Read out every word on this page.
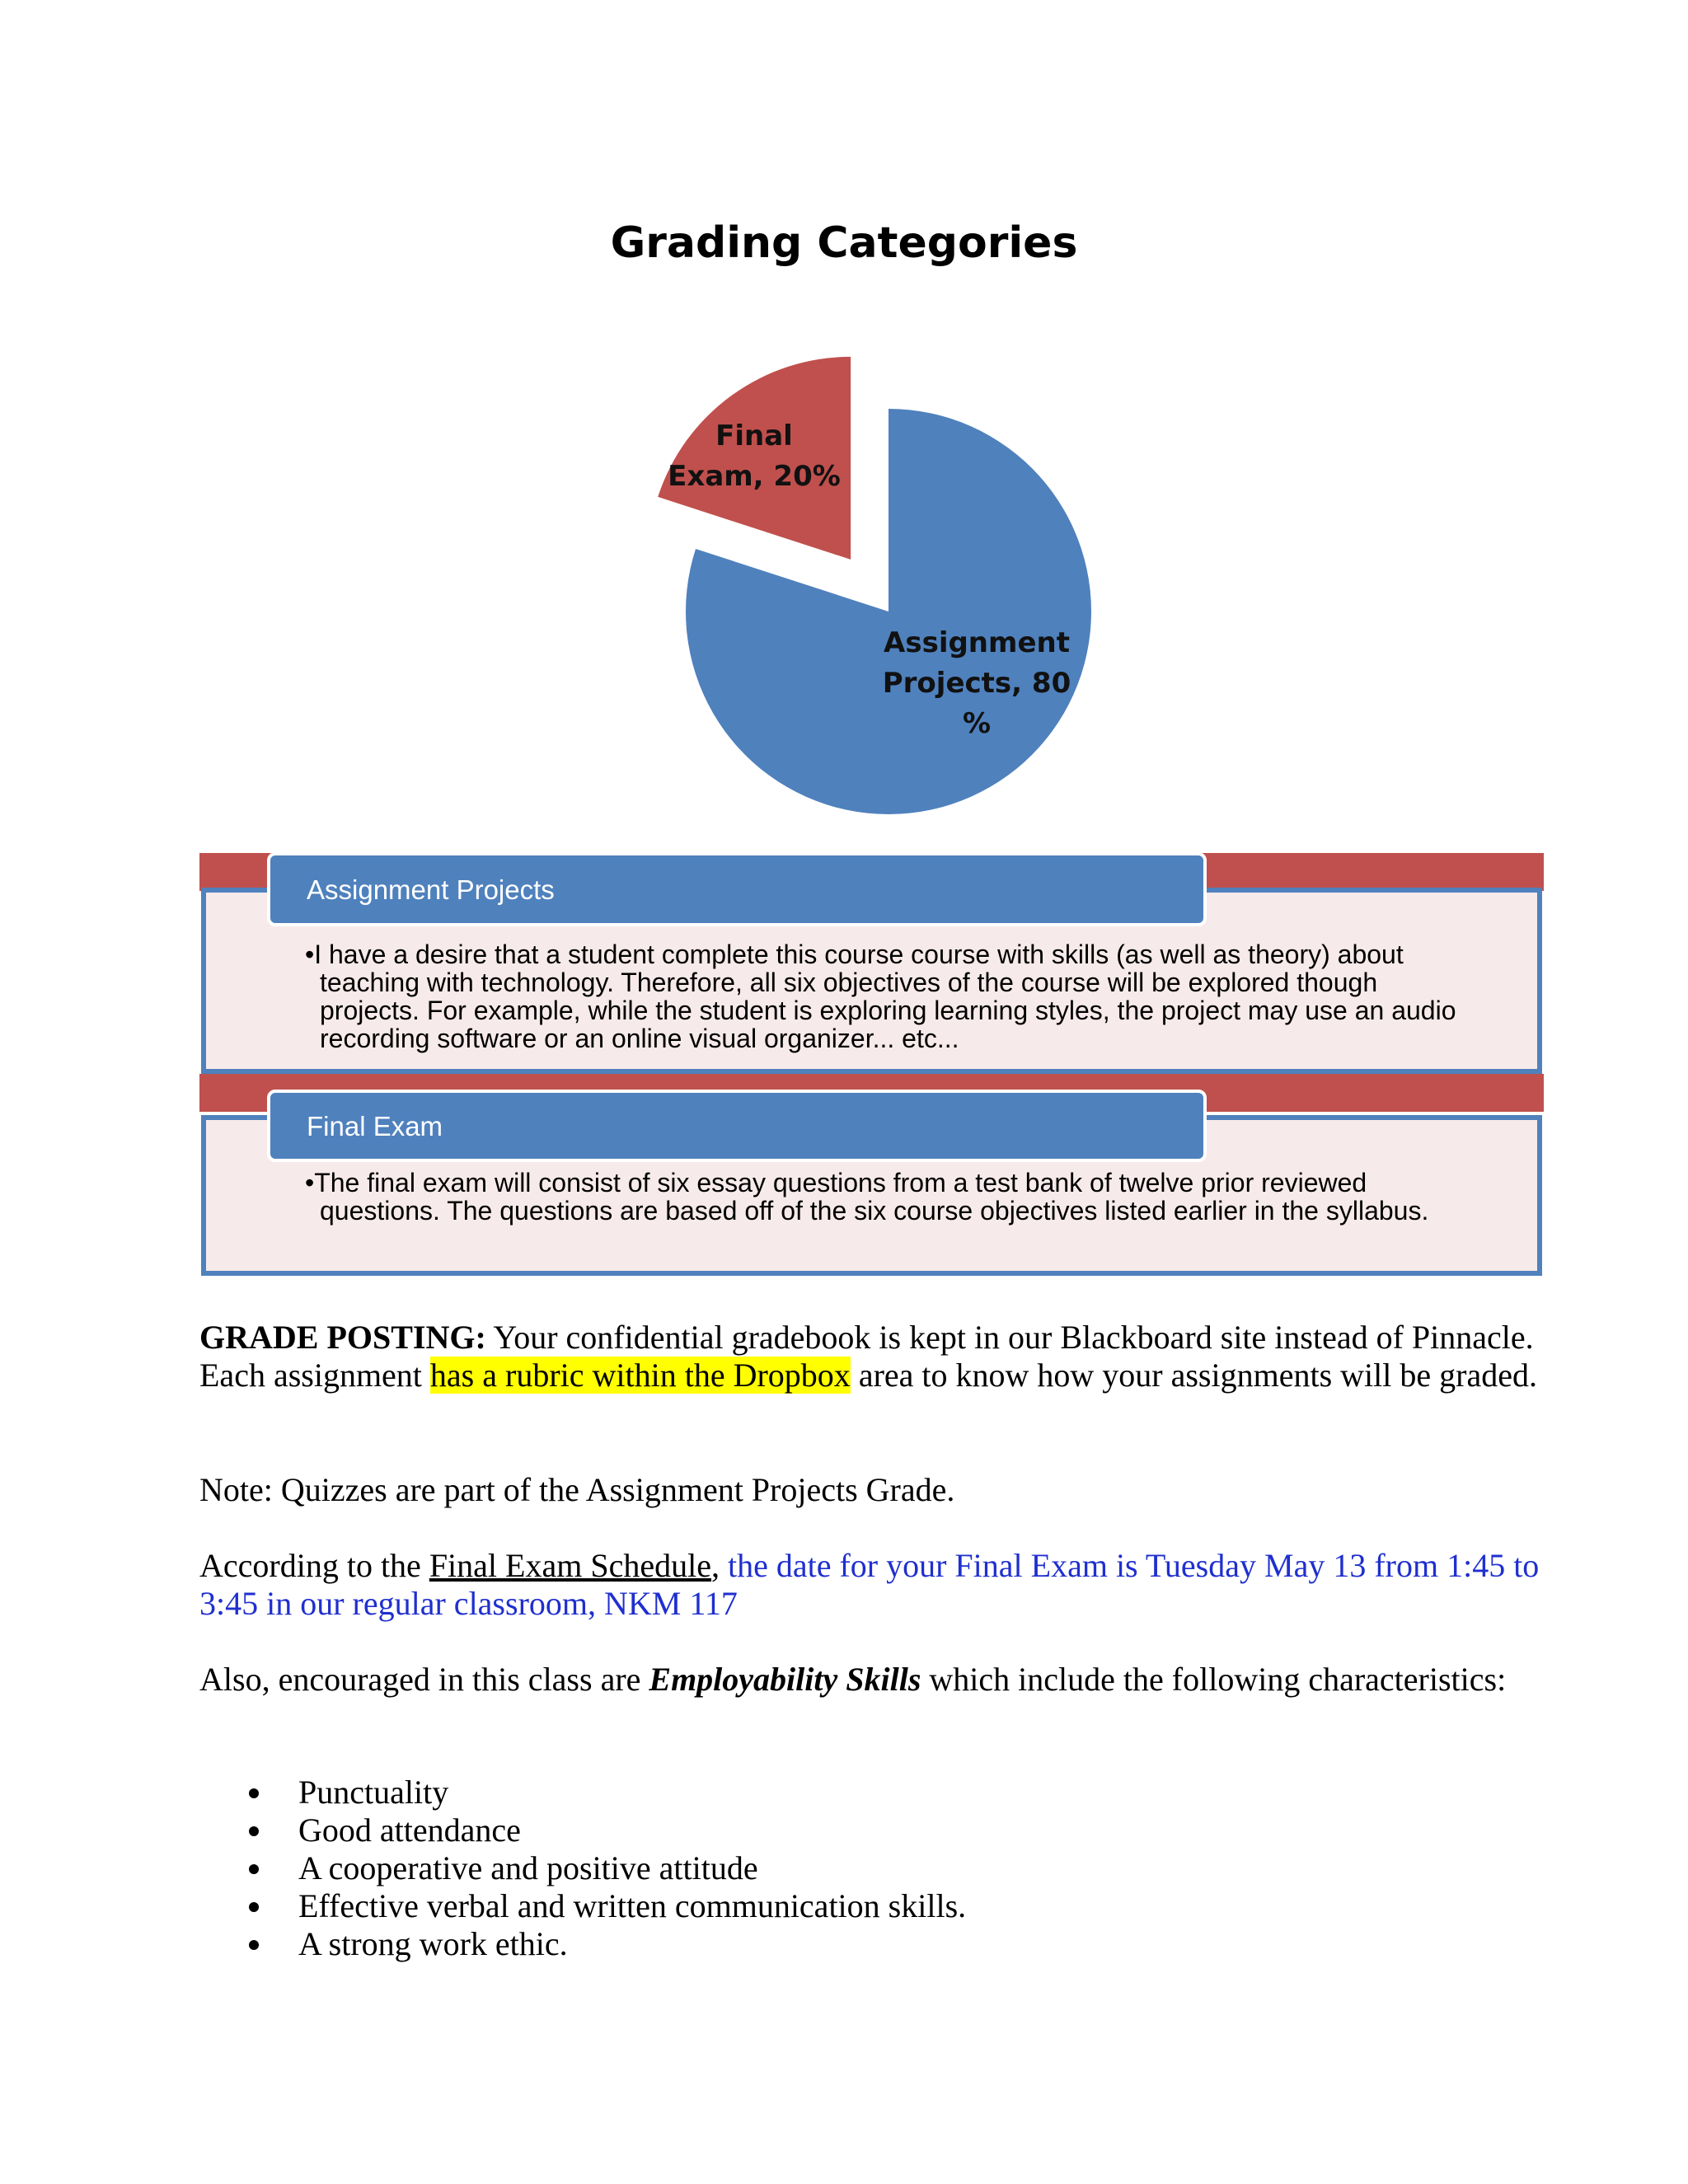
Grading Categories
Final
Exam, 20%
Assignment
Projects, 80
%
Assignment Projects
•I have a desire that a student complete this course course with skills (as well as theory) about teaching with technology. Therefore, all six objectives of the course will be explored though projects. For example, while the student is exploring learning styles, the project may use an audio recording software or an online visual organizer... etc...
Final Exam
•The final exam will consist of six essay questions from a test bank of twelve prior reviewed questions. The questions are based off of the six course objectives listed earlier in the syllabus.
GRADE POSTING: Your confidential gradebook is kept in our Blackboard site instead of Pinnacle. Each assignment has a rubric within the Dropbox area to know how your assignments will be graded.
Note: Quizzes are part of the Assignment Projects Grade.
According to the Final Exam Schedule, the date for your Final Exam is Tuesday May 13 from 1:45 to 3:45 in our regular classroom, NKM 117
Also, encouraged in this class are Employability Skills which include the following characteristics:
Punctuality
Good attendance
A cooperative and positive attitude
Effective verbal and written communication skills.
A strong work ethic.
